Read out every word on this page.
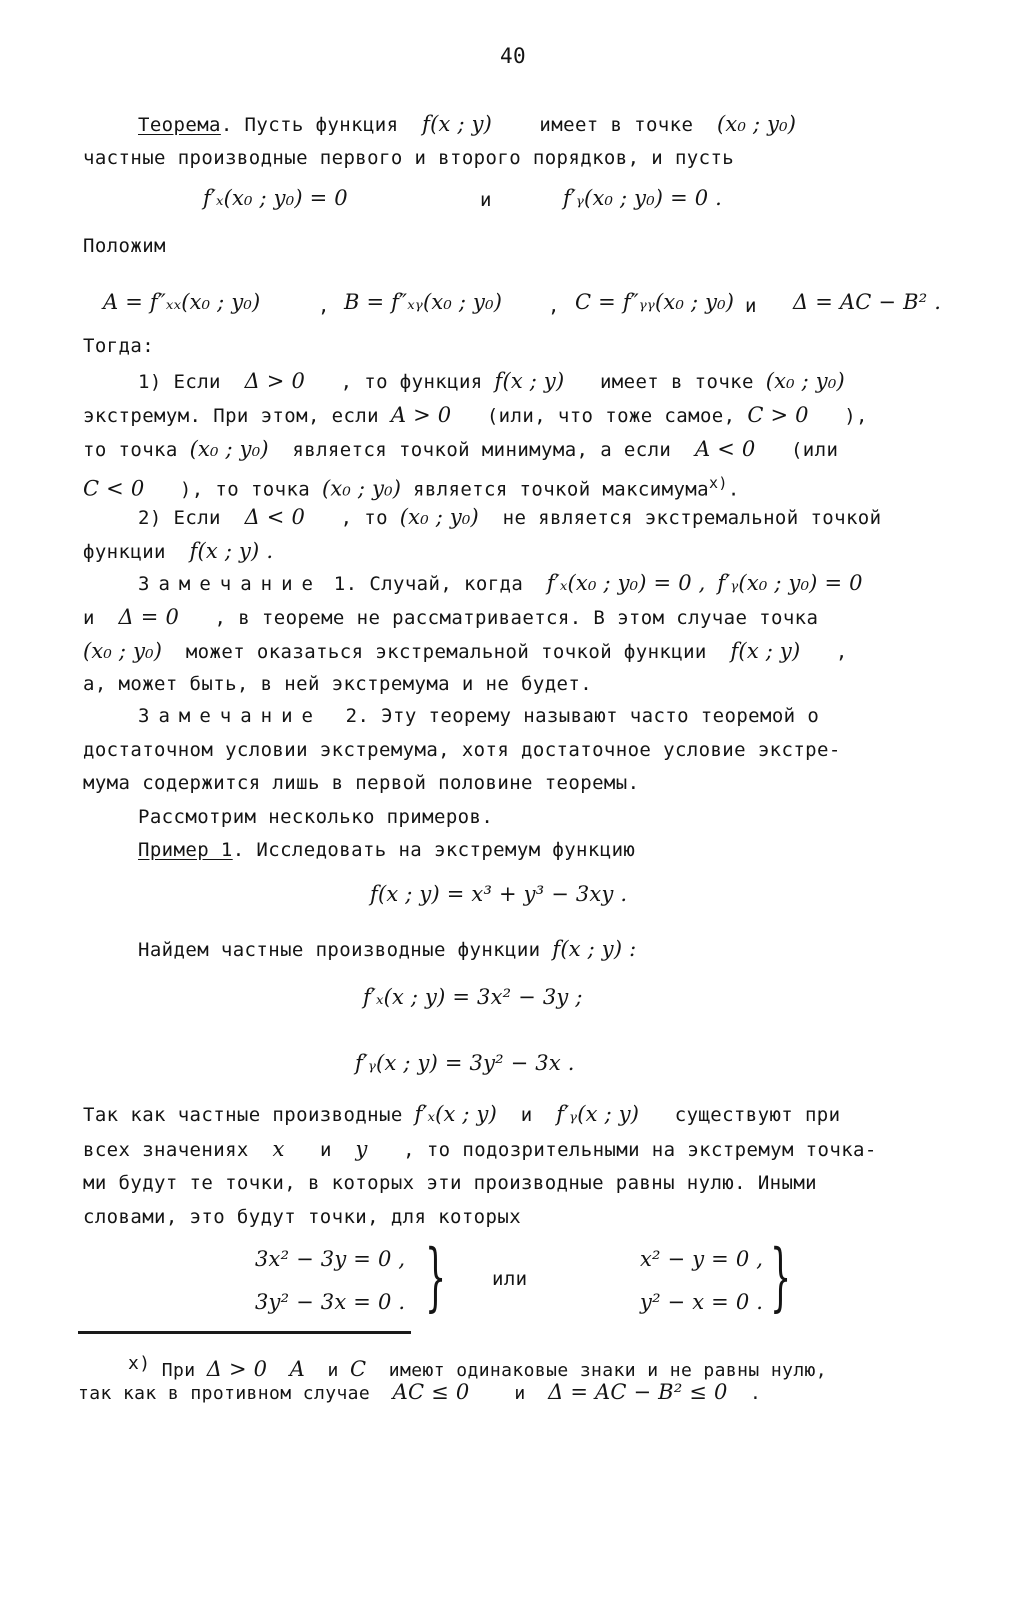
40
Теорема. Пусть функция f(x ; y) имеет в точке (x₀ ; y₀)
частные производные первого и второго порядков, и пусть
f′ₓ(x₀ ; y₀) = 0	и	f′ᵧ(x₀ ; y₀) = 0 .
Положим
A = f″ₓₓ(x₀ ; y₀)	, B = f″ₓᵧ(x₀ ; y₀) , C = f″ᵧᵧ(x₀ ; y₀) и Δ = AC − B² .
Тогда:
1) Если Δ > 0 , то функция f(x ; y) имеет в точке (x₀ ; y₀)
экстремум. При этом, если A > 0 (или, что тоже самое, C > 0 ),
то точка (x₀ ; y₀) является точкой минимума, а если A < 0 (или
C < 0 ), то точка (x₀ ; y₀) является точкой максимума$^{x)}$.
2) Если Δ < 0 , то (x₀ ; y₀) не является экстремальной точкой
функции f(x ; y) .
Замечание 1. Случай, когда f′ₓ(x₀ ; y₀) = 0 , f′ᵧ(x₀ ; y₀) = 0
и Δ = 0 , в теореме не рассматривается. В этом случае точка
(x₀ ; y₀) может оказаться экстремальной точкой функции f(x ; y) ,
а, может быть, в ней экстремума и не будет.
Замечание 2. Эту теорему называют часто теоремой о
достаточном условии экстремума, хотя достаточное условие экстре-
мума содержится лишь в первой половине теоремы.
Рассмотрим несколько примеров.
Пример 1. Исследовать на экстремум функцию
f(x ; y) = x³ + y³ − 3xy .
Найдем частные производные функции f(x ; y) :
f′ₓ(x ; y) = 3x² − 3y ;
f′ᵧ(x ; y) = 3y² − 3x .
Так как частные производные f′ₓ(x ; y) и f′ᵧ(x ; y) существуют при
всех значениях x и y , то подозрительными на экстремум точка-
ми будут те точки, в которых эти производные равны нулю. Иными
словами, это будут точки, для которых
3x² − 3y = 0 ,
3y² − 3x = 0 . } или
x² − y = 0 ,
y² − x = 0 . }
$^{x)}$ При Δ > 0 A и C имеют одинаковые знаки и не равны нулю,
так как в противном случае AC ≤ 0 и Δ = AC − B² ≤ 0 .
